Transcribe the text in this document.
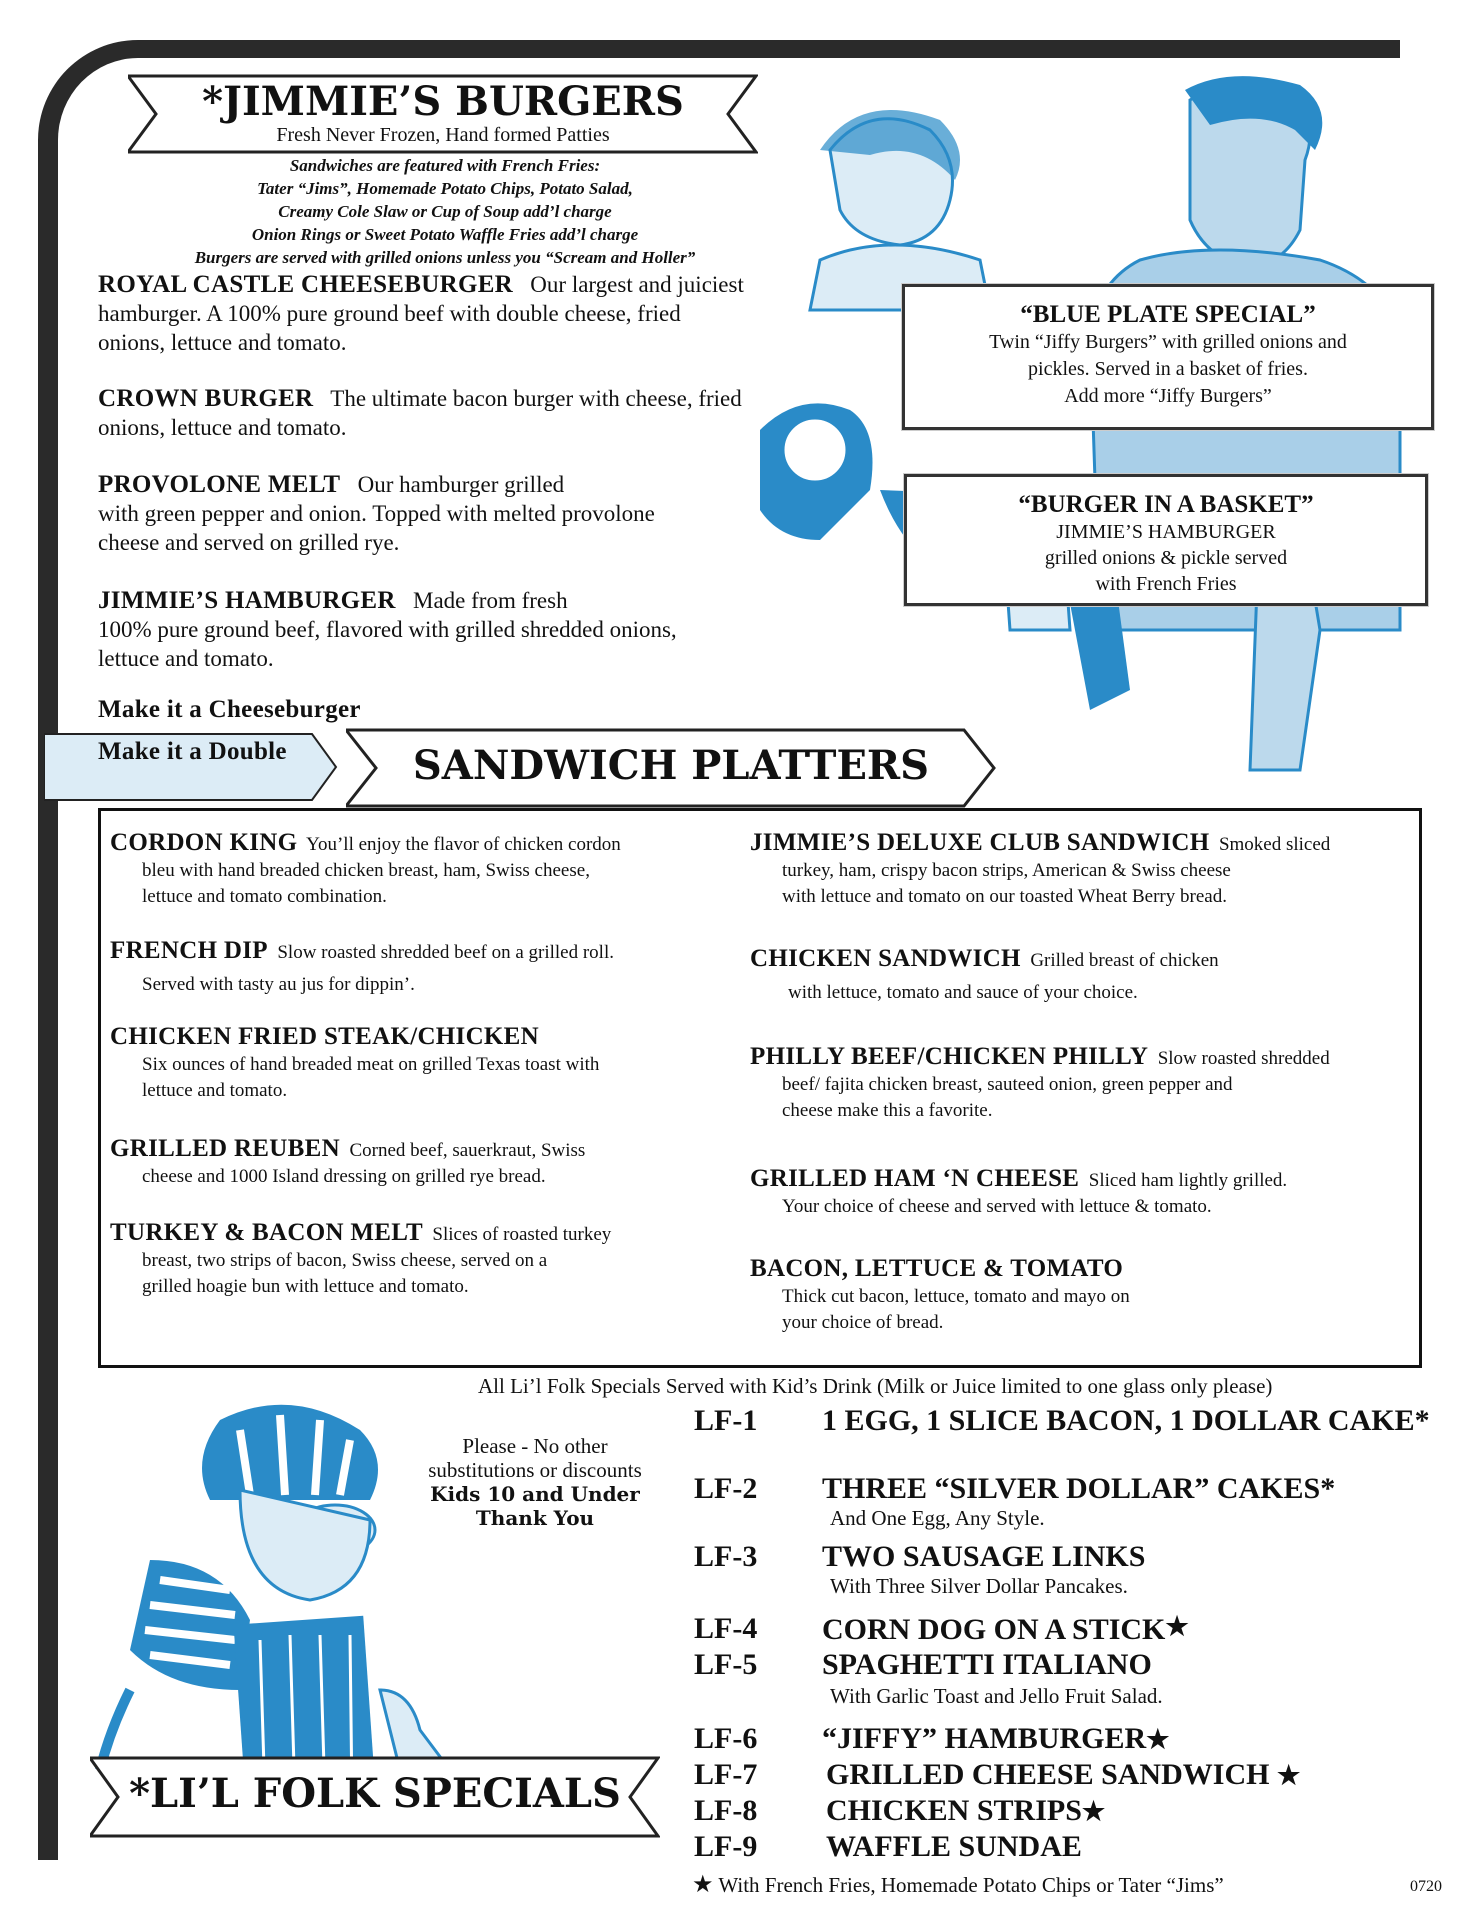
*JIMMIE’S BURGERS
Fresh Never Frozen, Hand formed Patties
Sandwiches are featured with French Fries:
Tater “Jims”, Homemade Potato Chips, Potato Salad,
Creamy Cole Slaw or Cup of Soup add’l charge
Onion Rings or Sweet Potato Waffle Fries add’l charge
Burgers are served with grilled onions unless you “Scream and Holler”
ROYAL CASTLE CHEESEBURGER Our largest and juiciest
hamburger. A 100% pure ground beef with double cheese, fried
onions, lettuce and tomato.
CROWN BURGER The ultimate bacon burger with cheese, fried
onions, lettuce and tomato.
PROVOLONE MELT Our hamburger grilled
with green pepper and onion. Topped with melted provolone
cheese and served on grilled rye.
JIMMIE’S HAMBURGER Made from fresh
100% pure ground beef, flavored with grilled shredded onions,
lettuce and tomato.
Make it a Cheeseburger
Make it a Double	SANDWICH PLATTERS
“BLUE PLATE SPECIAL”
Twin “Jiffy Burgers” with grilled onions and
pickles. Served in a basket of fries.
Add more “Jiffy Burgers”
“BURGER IN A BASKET”
JIMMIE’S HAMBURGER
grilled onions & pickle served
with French Fries
CORDON KING You’ll enjoy the flavor of chicken cordon
bleu with hand breaded chicken breast, ham, Swiss cheese,
lettuce and tomato combination.
FRENCH DIP Slow roasted shredded beef on a grilled roll.
Served with tasty au jus for dippin’.
CHICKEN FRIED STEAK/CHICKEN
Six ounces of hand breaded meat on grilled Texas toast with
lettuce and tomato.
GRILLED REUBEN Corned beef, sauerkraut, Swiss
cheese and 1000 Island dressing on grilled rye bread.
TURKEY & BACON MELT Slices of roasted turkey
breast, two strips of bacon, Swiss cheese, served on a
grilled hoagie bun with lettuce and tomato.
JIMMIE’S DELUXE CLUB SANDWICH Smoked sliced
turkey, ham, crispy bacon strips, American & Swiss cheese
with lettuce and tomato on our toasted Wheat Berry bread.
CHICKEN SANDWICH Grilled breast of chicken
with lettuce, tomato and sauce of your choice.
PHILLY BEEF/CHICKEN PHILLY Slow roasted shredded
beef/ fajita chicken breast, sauteed onion, green pepper and
cheese make this a favorite.
GRILLED HAM ‘N CHEESE Sliced ham lightly grilled.
Your choice of cheese and served with lettuce & tomato.
BACON, LETTUCE & TOMATO
Thick cut bacon, lettuce, tomato and mayo on
your choice of bread.
All Li’l Folk Specials Served with Kid’s Drink (Milk or Juice limited to one glass only please)
Please - No other
substitutions or discounts
Kids 10 and Under
Thank You
*LI’L FOLK SPECIALS
LF-1 1 EGG, 1 SLICE BACON, 1 DOLLAR CAKE*
LF-2 THREE “SILVER DOLLAR” CAKES*
And One Egg, Any Style.
LF-3 TWO SAUSAGE LINKS
With Three Silver Dollar Pancakes.
LF-4 CORN DOG ON A STICK★
LF-5 SPAGHETTI ITALIANO
With Garlic Toast and Jello Fruit Salad.
LF-6 “JIFFY” HAMBURGER★
LF-7 GRILLED CHEESE SANDWICH ★
LF-8 CHICKEN STRIPS★
LF-9 WAFFLE SUNDAE
★ With French Fries, Homemade Potato Chips or Tater “Jims”	0720
